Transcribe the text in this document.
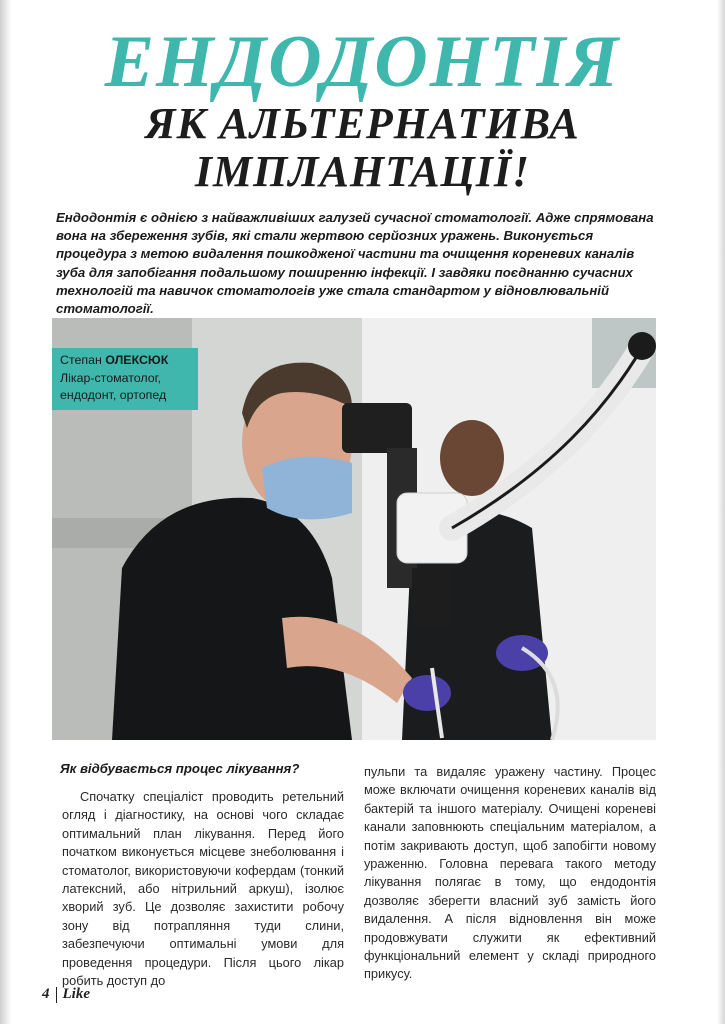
ЕНДОДОНТІЯ
ЯК АЛЬТЕРНАТИВА
ІМПЛАНТАЦІЇ!

Ендодонтія є однією з найважливіших галузей сучасної стоматології. Адже спрямована вона на збереження зубів, які стали жертвою серйозних уражень. Виконується процедура з метою видалення пошкодженої частини та очищення кореневих каналів зуба для запобігання подальшому поширенню інфекції. І завдяки поєднанню сучасних технологій та навичок стоматологів уже стала стандартом у відновлювальній стоматології.

Степан ОЛЕКСЮК
Лікар-стоматолог,
ендодонт, ортопед
Як відбувається процес лікування?

Спочатку спеціаліст проводить ретельний огляд і діагностику, на основі чого складає оптимальний план лікування. Перед його початком виконується місцеве знеболювання і стоматолог, використовуючи кофердам (тонкий латексний, або нітрильний аркуш), ізолює хворий зуб. Це дозволяє захистити робочу зону від потрапляння туди слини, забезпечуючи оптимальні умови для проведення процедури. Після цього лікар робить доступ до

пульпи та видаляє уражену частину. Процес може включати очищення кореневих каналів від бактерій та іншого матеріалу. Очищені кореневі канали заповнюють спеціальним матеріалом, а потім закривають доступ, щоб запобігти новому ураженню. Головна перевага такого методу лікування полягає в тому, що ендодонтія дозволяє зберегти власний зуб замість його видалення. А після відновлення він може продовжувати служити як ефективний функціональний елемент у складі природного прикусу.

4 Like
